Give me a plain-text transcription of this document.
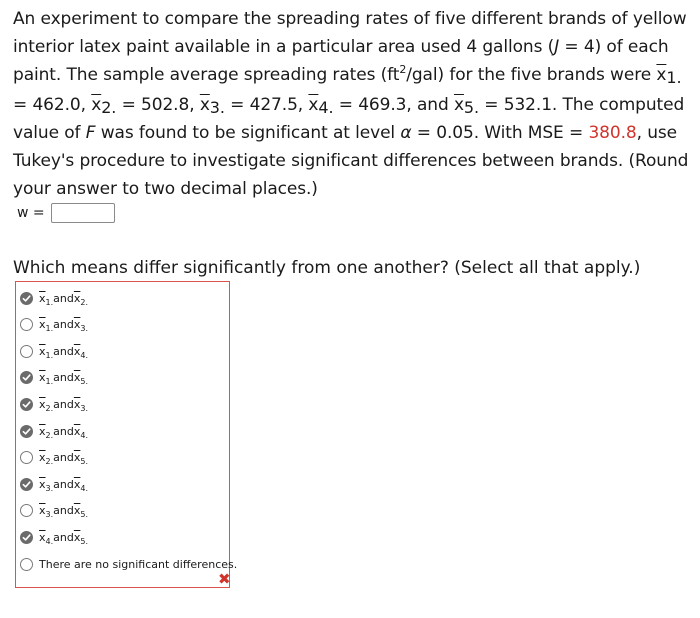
An experiment to compare the spreading rates of five different brands of yellow interior latex paint available in a particular area used 4 gallons (J = 4) of each paint. The sample average spreading rates $(ft^2/gal)$ for the five brands were $\overline{x}1$. = 462.0, $\overline{x}2$. = 502.8, $\overline{x}3$. = 427.5, $\overline{x}4$. = 469.3, and $\overline{x}5$. = 532.1. The computed value of F was found to be significant at level α = 0.05. With MSE = 380.8, use Tukey's procedure to investigate significant differences between brands. (Round your answer to two decimal places.)
w =
Which means differ significantly from one another? (Select all that apply.)
$\overline{x}_{1.}$ and $\overline{x}_{2.}$
$\overline{x}_{1.}$ and $\overline{x}_{3.}$
$\overline{x}_{1.}$ and $\overline{x}_{4.}$
$\overline{x}_{1.}$ and $\overline{x}_{5.}$
$\overline{x}_{2.}$ and $\overline{x}_{3.}$
$\overline{x}_{2.}$ and $\overline{x}_{4.}$
$\overline{x}_{2.}$ and $\overline{x}_{5.}$
$\overline{x}_{3.}$ and $\overline{x}_{4.}$
$\overline{x}_{3.}$ and $\overline{x}_{5.}$
$\overline{x}_{4.}$ and $\overline{x}_{5.}$
There are no significant differences.
✖
